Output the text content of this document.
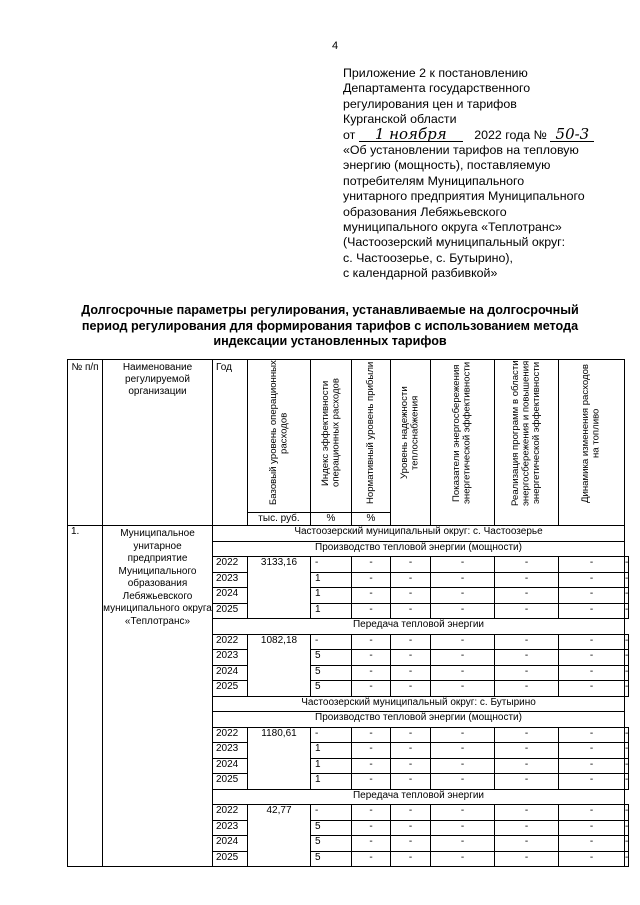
4
Приложение 2 к постановлению
Департамента государственного
регулирования цен и тарифов
Курганской области
от 1 ноября 2022 года № 50-3
«Об установлении тарифов на тепловую
энергию (мощность), поставляемую
потребителям Муниципального
унитарного предприятия Муниципального
образования Лебяжьевского
муниципального округа «Теплотранс»
(Частоозерский муниципальный округ:
с. Частоозерье, с. Бутырино),
с календарной разбивкой»
Долгосрочные параметры регулирования, устанавливаемые на долгосрочный
период регулирования для формирования тарифов с использованием метода
индексации установленных тарифов
№ п/п	Наименование регулируемой организации	Год	Базовый уровень операционных расходов	Индекс эффективности операционных расходов	Нормативный уровень прибыли	Уровень надежности теплоснабжения	Показатели энергосбережения энергетической эффективности	Реализация программ в области энергосбережения и повышения энергетической эффективности	Динамика изменения расходов на топливо	

			тыс. руб.	%	%					
1.	Муниципальное унитарное предприятие Муниципального образования Лебяжьевского муниципального округа «Теплотранс»	Частоозерский муниципальный округ: с. Частоозерье								
		Производство тепловой энергии (мощности)								
		2022	3133,16	-	-	-	-	-	-	-
		2023		1	-	-	-	-	-	-
		2024		1	-	-	-	-	-	-
		2025		1	-	-	-	-	-	-
		Передача тепловой энергии								
		2022	1082,18	-	-	-	-	-	-	-
		2023		5	-	-	-	-	-	-
		2024		5	-	-	-	-	-	-
		2025		5	-	-	-	-	-	-
		Частоозерский муниципальный округ: с. Бутырино								
		Производство тепловой энергии (мощности)								
		2022	1180,61	-	-	-	-	-	-	-
		2023		1	-	-	-	-	-	-
		2024		1	-	-	-	-	-	-
		2025		1	-	-	-	-	-	-
		Передача тепловой энергии								
		2022	42,77	-	-	-	-	-	-	-
		2023		5	-	-	-	-	-	-
		2024		5	-	-	-	-	-	-
		2025		5	-	-	-	-	-	-
